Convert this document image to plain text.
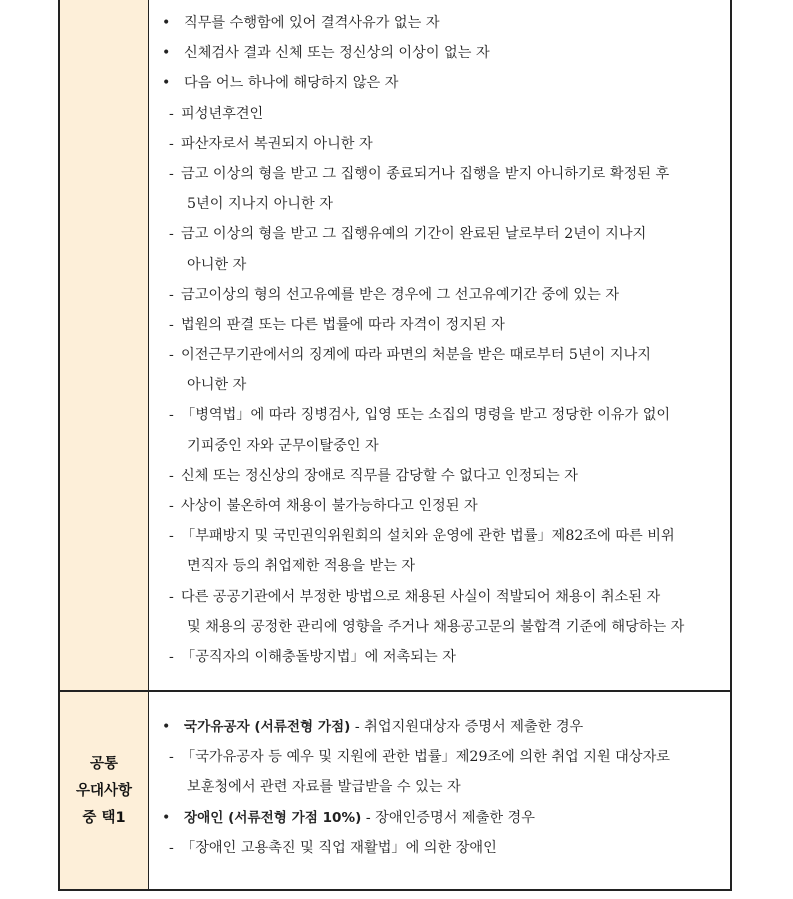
공통
우대사항
중 택1
• 직무를 수행함에 있어 결격사유가 없는 자
• 신체검사 결과 신체 또는 정신상의 이상이 없는 자
• 다음 어느 하나에 해당하지 않은 자
- 피성년후견인
- 파산자로서 복권되지 아니한 자
- 금고 이상의 형을 받고 그 집행이 종료되거나 집행을 받지 아니하기로 확정된 후
5년이 지나지 아니한 자
- 금고 이상의 형을 받고 그 집행유예의 기간이 완료된 날로부터 2년이 지나지
아니한 자
- 금고이상의 형의 선고유예를 받은 경우에 그 선고유예기간 중에 있는 자
- 법원의 판결 또는 다른 법률에 따라 자격이 정지된 자
- 이전근무기관에서의 징계에 따라 파면의 처분을 받은 때로부터 5년이 지나지
아니한 자
- 「병역법」에 따라 징병검사, 입영 또는 소집의 명령을 받고 정당한 이유가 없이
기피중인 자와 군무이탈중인 자
- 신체 또는 정신상의 장애로 직무를 감당할 수 없다고 인정되는 자
- 사상이 불온하여 채용이 불가능하다고 인정된 자
- 「부패방지 및 국민권익위원회의 설치와 운영에 관한 법률」제82조에 따른 비위
면직자 등의 취업제한 적용을 받는 자
- 다른 공공기관에서 부정한 방법으로 채용된 사실이 적발되어 채용이 취소된 자
및 채용의 공정한 관리에 영향을 주거나 채용공고문의 불합격 기준에 해당하는 자
- 「공직자의 이해충돌방지법」에 저촉되는 자
• 국가유공자 (서류전형 가점) - 취업지원대상자 증명서 제출한 경우
- 「국가유공자 등 예우 및 지원에 관한 법률」제29조에 의한 취업 지원 대상자로
보훈청에서 관련 자료를 발급받을 수 있는 자
• 장애인 (서류전형 가점 10%) - 장애인증명서 제출한 경우
- 「장애인 고용촉진 및 직업 재활법」에 의한 장애인
